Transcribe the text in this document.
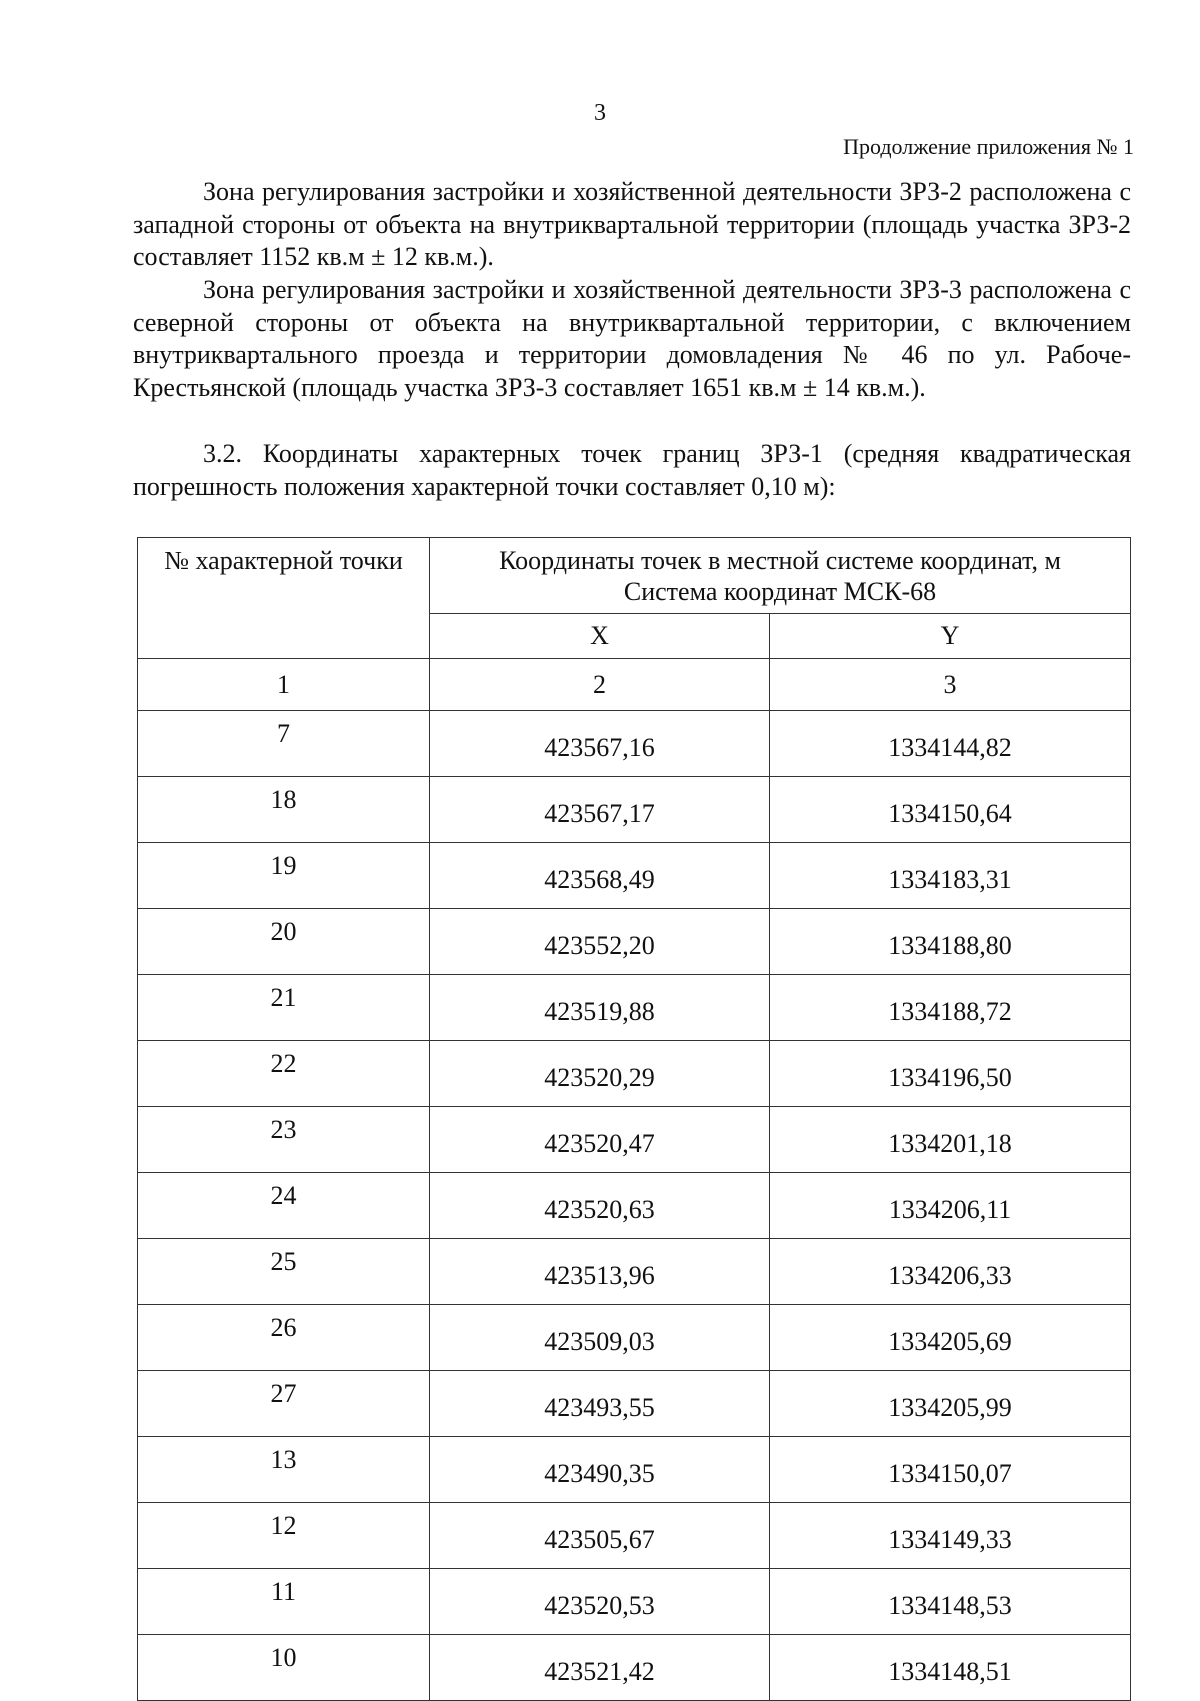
3
Продолжение приложения № 1

Зона регулирования застройки и хозяйственной деятельности ЗРЗ-2 расположена с западной стороны от объекта на внутриквартальной территории (площадь участка ЗРЗ-2 составляет 1152 кв.м ± 12 кв.м.).

Зона регулирования застройки и хозяйственной деятельности ЗРЗ-3 расположена с северной стороны от объекта на внутриквартальной территории, с включением внутриквартального проезда и территории домовладения № 46 по ул. Рабоче-Крестьянской (площадь участка ЗРЗ-3 составляет 1651 кв.м ± 14 кв.м.).

3.2. Координаты характерных точек границ ЗРЗ-1 (средняя квадратическая погрешность положения характерной точки составляет 0,10 м):

№ характерной точки	Координаты точек в местной системе координат, м
Система координат МСК-68	

	X	Y
1	2	3
7	423567,16	1334144,82
18	423567,17	1334150,64
19	423568,49	1334183,31
20	423552,20	1334188,80
21	423519,88	1334188,72
22	423520,29	1334196,50
23	423520,47	1334201,18
24	423520,63	1334206,11
25	423513,96	1334206,33
26	423509,03	1334205,69
27	423493,55	1334205,99
13	423490,35	1334150,07
12	423505,67	1334149,33
11	423520,53	1334148,53
10	423521,42	1334148,51
